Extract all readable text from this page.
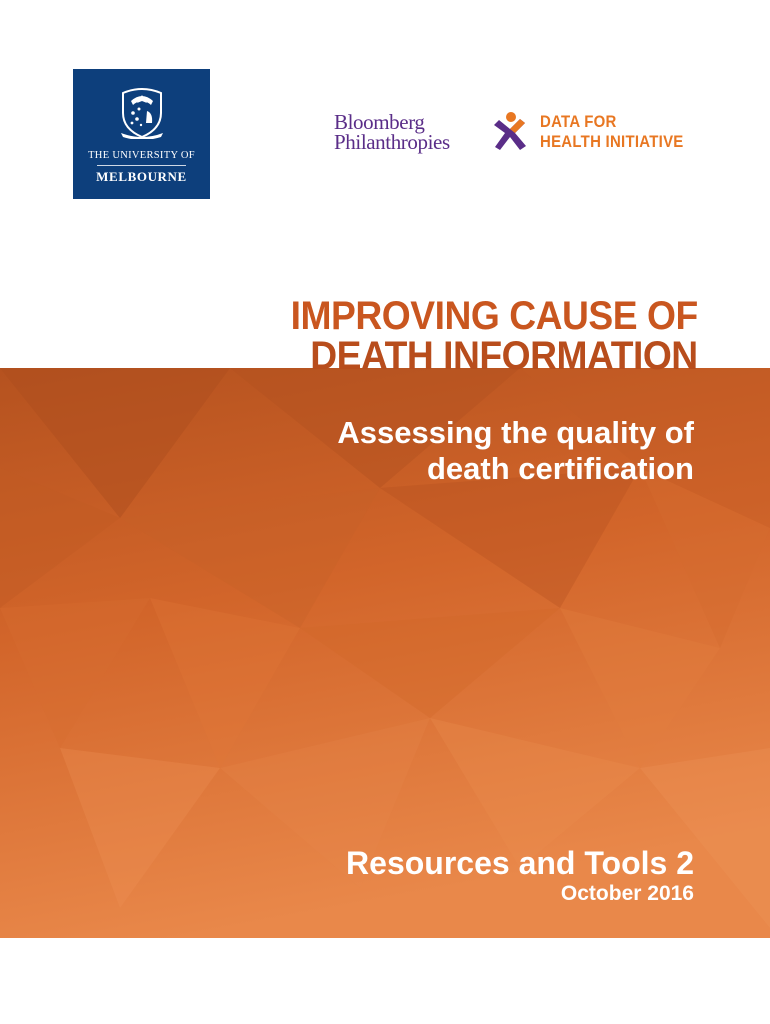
THE UNIVERSITY OF
MELBOURNE
Bloomberg
Philanthropies
DATA FOR
HEALTH INITIATIVE
IMPROVING CAUSE OF
DEATH INFORMATION
Assessing the quality of
death certification
Resources and Tools 2
October 2016
